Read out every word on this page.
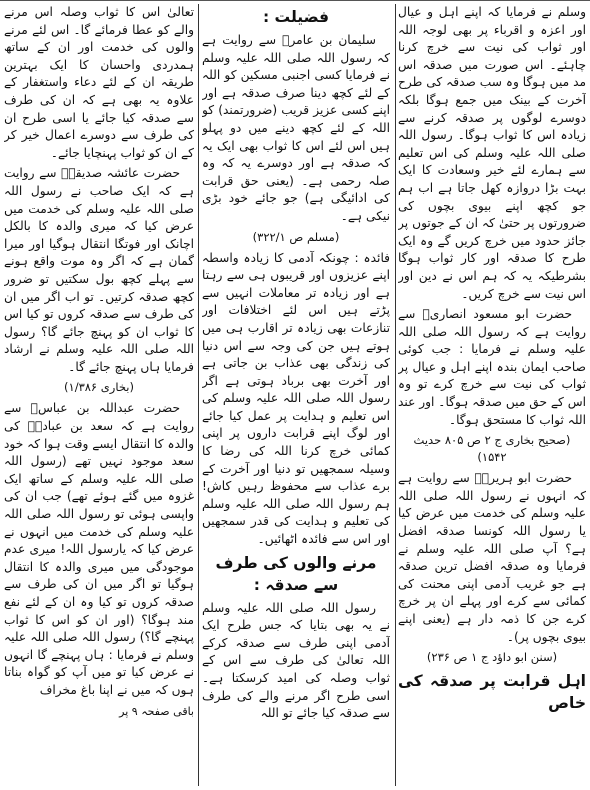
وسلم نے فرمایا کہ اپنے اہل و عیال اور اعزہ و اقرباء پر بھی لوجہ اللہ اور ثواب کی نیت سے خرچ کرنا چاہئے۔ اس صورت میں صدقہ اس مد میں ہوگا وہ سب صدقہ کی طرح آخرت کے بینک میں جمع ہوگا بلکہ دوسرے لوگوں پر صدقہ کرنے سے زیادہ اس کا ثواب ہوگا۔ رسول اللہ صلی اللہ علیہ وسلم کی اس تعلیم سے ہمارے لئے خیر وسعادت کا ایک بہت بڑا دروازہ کھل جاتا ہے اب ہم جو کچھ اپنے بیوی بچوں کی ضرورتوں پر حتیٰ کہ ان کے جوتوں پر جائز حدود میں خرچ کریں گے وہ ایک طرح کا صدقہ اور کار ثواب ہوگا بشرطیکہ یہ کہ ہم اس نے دین اور اس نیت سے خرچ کریں۔

حضرت ابو مسعود انصاریؓ سے روایت ہے کہ رسول اللہ صلی اللہ علیہ وسلم نے فرمایا : جب کوئی صاحب ایمان بندہ اپنے اہل و عیال پر ثواب کی نیت سے خرچ کرے تو وہ اس کے حق میں صدقہ ہوگا۔ اور عند اللہ ثواب کا مستحق ہوگا۔

(صحیح بخاری ج ۲ ص ۸۰۵ حدیث ۱۵۴۲)

حضرت ابو ہریرہؓ سے روایت ہے کہ انہوں نے رسول اللہ صلی اللہ علیہ وسلم کی خدمت میں عرض کیا یا رسول اللہ کونسا صدقہ افضل ہے؟ آپ صلی اللہ علیہ وسلم نے فرمایا وہ صدقہ افضل ترین صدقہ ہے جو غریب آدمی اپنی محنت کی کمائی سے کرے اور پہلے ان پر خرچ کرے جن کا ذمہ دار ہے (یعنی اپنے بیوی بچوں پر)۔

(سنن ابو داؤد ج ۱ ص ۲۳۶)

اہل قرابت پر صدقہ کی خاص

فضیلت :

سلیمان بن عامرؓ سے روایت ہے کہ رسول اللہ صلی اللہ علیہ وسلم نے فرمایا کسی اجنبی مسکین کو اللہ کے لئے کچھ دینا صرف صدقہ ہے اور اپنے کسی عزیز قریب (ضرورتمند) کو اللہ کے لئے کچھ دینے میں دو پہلو ہیں اس لئے اس کا ثواب بھی ایک یہ کہ صدقہ ہے اور دوسرے یہ کہ وہ صلہ رحمی ہے۔ (یعنی حق قرابت کی ادائیگی ہے) جو جائے خود بڑی نیکی ہے۔

(مسلم ص ۳۲۲/۱)

فائدہ : چونکہ آدمی کا زیادہ واسطہ اپنے عزیزوں اور قریبوں ہی سے رہتا ہے اور زیادہ تر معاملات انہیں سے پڑتے ہیں اس لئے اختلافات اور تنازعات بھی زیادہ تر اقارب ہی میں ہوتے ہیں جن کی وجہ سے اس دنیا کی زندگی بھی عذاب بن جاتی ہے اور آخرت بھی برباد ہوتی ہے اگر رسول اللہ صلی اللہ علیہ وسلم کی اس تعلیم و ہدایت پر عمل کیا جائے اور لوگ اپنے قرابت داروں پر اپنی کمائی خرچ کرنا اللہ کی رضا کا وسیلہ سمجھیں تو دنیا اور آخرت کے برے عذاب سے محفوظ رہیں کاش! ہم رسول اللہ صلی اللہ علیہ وسلم کی تعلیم و ہدایت کی قدر سمجھیں اور اس سے فائدہ اٹھائیں۔

مرنے والوں کی طرف سے صدقہ :

رسول اللہ صلی اللہ علیہ وسلم نے یہ بھی بتایا کہ جس طرح ایک آدمی اپنی طرف سے صدقہ کرکے اللہ تعالیٰ کی طرف سے اس کے ثواب وصلہ کی امید کرسکتا ہے۔ اسی طرح اگر مرنے والے کی طرف سے صدقہ کیا جائے تو اللہ

تعالیٰ اس کا ثواب وصلہ اس مرنے والے کو عطا فرمائے گا۔ اس لئے مرنے والوں کی خدمت اور ان کے ساتھ ہمدردی واحسان کا ایک بہترین طریقہ ان کے لئے دعاء واستغفار کے علاوہ یہ بھی ہے کہ ان کی طرف سے صدقہ کیا جائے یا اسی طرح ان کی طرف سے دوسرے اعمال خیر کر کے ان کو ثواب پہنچایا جائے۔

حضرت عائشہ صدیقہؓ سے روایت ہے کہ ایک صاحب نے رسول اللہ صلی اللہ علیہ وسلم کی خدمت میں عرض کیا کہ میری والدہ کا بالکل اچانک اور فوتگا انتقال ہوگیا اور میرا گمان ہے کہ اگر وہ موت واقع ہونے سے پہلے کچھ بول سکتیں تو ضرور کچھ صدقہ کرتیں۔ تو اب اگر میں ان کی طرف سے صدقہ کروں تو کیا اس کا ثواب ان کو پہنچ جائے گا؟ رسول اللہ صلی اللہ علیہ وسلم نے ارشاد فرمایا ہاں پہنچ جائے گا۔

(بخاری ۱/۳۸۶)

حضرت عبداللہ بن عباسؓ سے روایت ہے کہ سعد بن عبادہؓ کی والدہ کا انتقال ایسے وقت ہوا کہ خود سعد موجود نہیں تھے (رسول اللہ صلی اللہ علیہ وسلم کے ساتھ ایک غزوہ میں گئے ہوئے تھے) جب ان کی واپسی ہوئی تو رسول اللہ صلی اللہ علیہ وسلم کی خدمت میں انہوں نے عرض کیا کہ یارسول اللہ! میری عدم موجودگی میں میری والدہ کا انتقال ہوگیا تو اگر میں ان کی طرف سے صدقہ کروں تو کیا وہ ان کے لئے نفع مند ہوگا؟ (اور ان کو اس کا ثواب پہنچے گا؟) رسول اللہ صلی اللہ علیہ وسلم نے فرمایا : ہاں پہنچے گا انہوں نے عرض کیا تو میں آپ کو گواہ بناتا ہوں کہ میں نے اپنا باغ مخراف

باقی صفحہ ۹ پر
